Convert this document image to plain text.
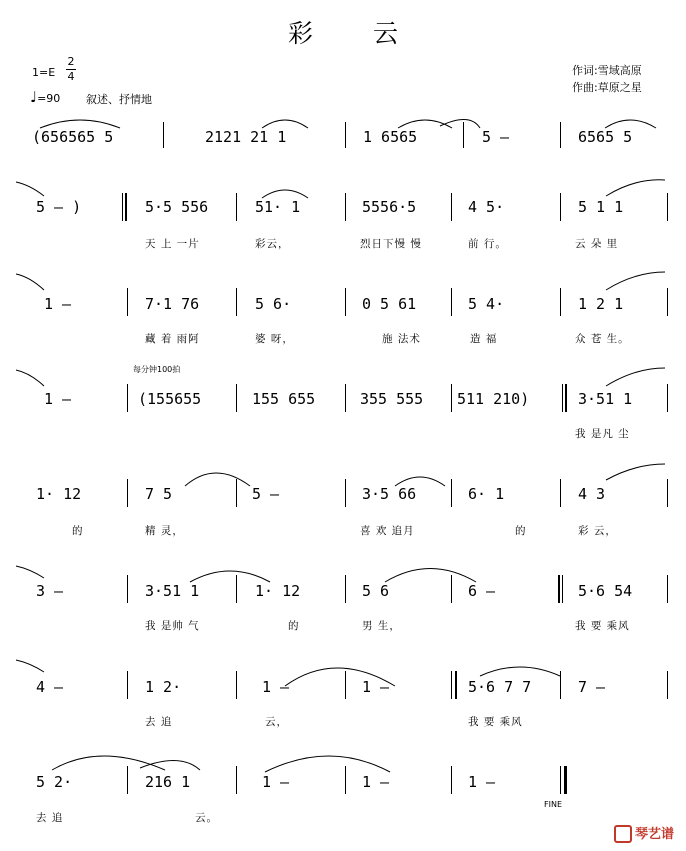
彩云
1=E
2
4
♩=90 叙述、抒情地
作词:雪域高原
作曲:草原之星
每分钟100拍
(656565 5	2121 21 1	1 6565	5 –	6565 5
5 – )	5·5 556	51· 1	5556·5	4 5·	5 1 1
天 上 一片	彩云，	烈日下慢 慢	前 行。	云 朵 里
1 –	7·1 76	5 6·	0 5 61	5 4·	1 2 1
藏 着 雨阿	婆 呀，	施 法术	造 福	众 苍 生。
1 –	(155655	155 655	355 555 511 210)	3·51 1
我 是凡 尘
1· 12	7 5	5 –	3·5 66	6· 1	4 3
的	精 灵，	喜 欢 追月	的	彩 云，
3 –	3·51 1	1· 12	5 6	6 –	5·6 54
我 是帅 气	的	男 生，	我 要 乘风
4 –	1 2·	1 –	1 –	5·6 7 7	7 –
去 追	云，	我 要 乘风
5 2·	216 1	1 –	1 –	1 –
去 追	云。
FINE
琴艺谱
